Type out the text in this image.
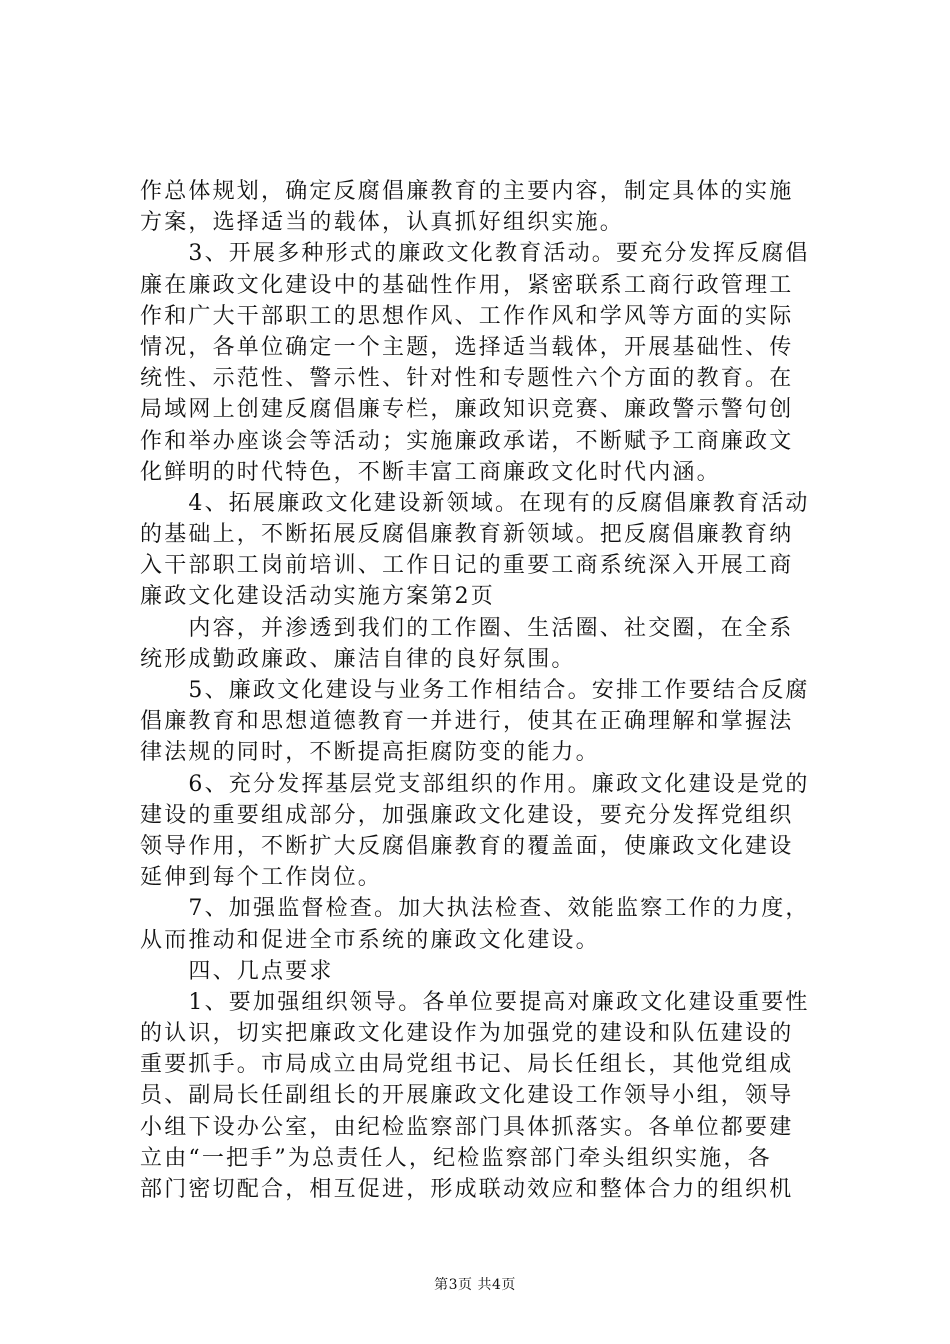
作总体规划，确定反腐倡廉教育的主要内容，制定具体的实施
方案，选择适当的载体，认真抓好组织实施。
　　3、开展多种形式的廉政文化教育活动。要充分发挥反腐倡
廉在廉政文化建设中的基础性作用，紧密联系工商行政管理工
作和广大干部职工的思想作风、工作作风和学风等方面的实际
情况，各单位确定一个主题，选择适当载体，开展基础性、传
统性、示范性、警示性、针对性和专题性六个方面的教育。在
局域网上创建反腐倡廉专栏，廉政知识竞赛、廉政警示警句创
作和举办座谈会等活动；实施廉政承诺，不断赋予工商廉政文
化鲜明的时代特色，不断丰富工商廉政文化时代内涵。
　　4、拓展廉政文化建设新领域。在现有的反腐倡廉教育活动
的基础上，不断拓展反腐倡廉教育新领域。把反腐倡廉教育纳
入干部职工岗前培训、工作日记的重要工商系统深入开展工商
廉政文化建设活动实施方案第2页
　　内容，并渗透到我们的工作圈、生活圈、社交圈，在全系
统形成勤政廉政、廉洁自律的良好氛围。
　　5、廉政文化建设与业务工作相结合。安排工作要结合反腐
倡廉教育和思想道德教育一并进行，使其在正确理解和掌握法
律法规的同时，不断提高拒腐防变的能力。
　　6、充分发挥基层党支部组织的作用。廉政文化建设是党的
建设的重要组成部分，加强廉政文化建设，要充分发挥党组织
领导作用，不断扩大反腐倡廉教育的覆盖面，使廉政文化建设
延伸到每个工作岗位。
　　7、加强监督检查。加大执法检查、效能监察工作的力度，
从而推动和促进全市系统的廉政文化建设。
　　四、几点要求
　　1、要加强组织领导。各单位要提高对廉政文化建设重要性
的认识，切实把廉政文化建设作为加强党的建设和队伍建设的
重要抓手。市局成立由局党组书记、局长任组长，其他党组成
员、副局长任副组长的开展廉政文化建设工作领导小组，领导
小组下设办公室，由纪检监察部门具体抓落实。各单位都要建
立由“一把手”为总责任人，纪检监察部门牵头组织实施，各
部门密切配合，相互促进，形成联动效应和整体合力的组织机
第3页 共4页
